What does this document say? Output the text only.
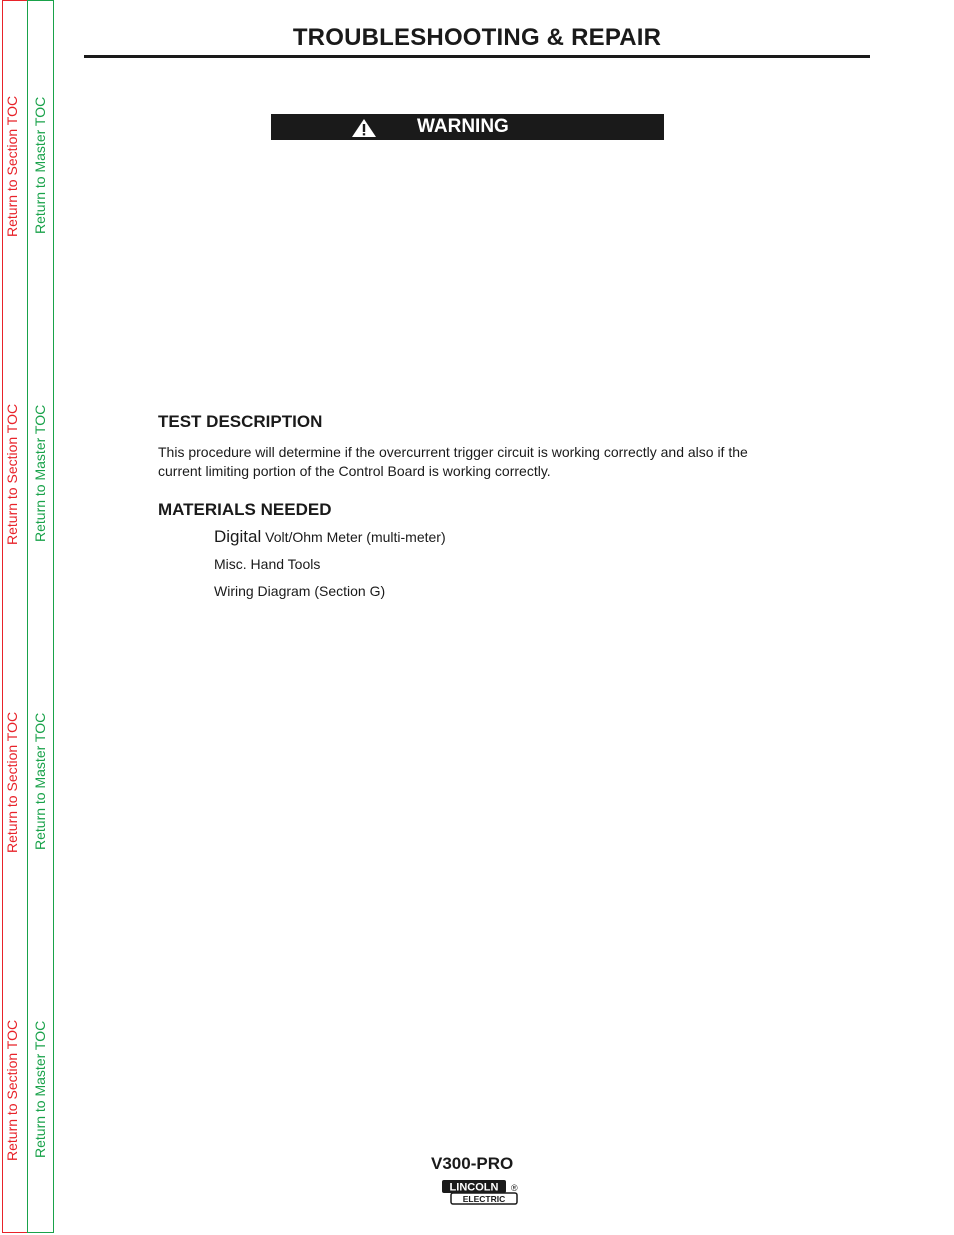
Return to Section TOC Return to Master TOC
Return to Section TOC Return to Master TOC
Return to Section TOC Return to Master TOC
Return to Section TOC Return to Master TOC
TROUBLESHOOTING & REPAIR
WARNING
TEST DESCRIPTION
This procedure will determine if the overcurrent trigger circuit is working correctly and also if the current limiting portion of the Control Board is working correctly.
MATERIALS NEEDED
Digital Volt/Ohm Meter (multi-meter)
Misc. Hand Tools
Wiring Diagram (Section G)
V300-PRO
LINCOLN
ELECTRIC
®
